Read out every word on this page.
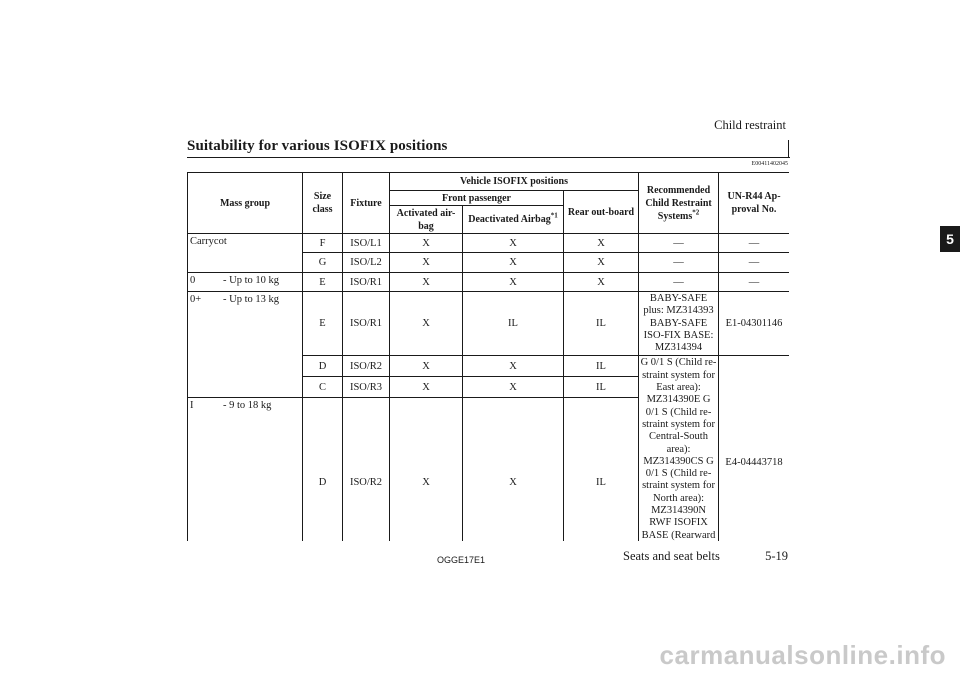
Child restraint
5
Suitability for various ISOFIX positions
E00411402045
Mass group	Size class	Fixture	Vehicle ISOFIX positions			Recommended Child Restraint Systems$^{*2}$	UN-R44 Ap-proval No.
			Front passenger		Rear out-board		
			Activated air-bag	Deactivated Airbag$^{*1}$
Carrycot	F	ISO/L1	X	X	X	—	—
	G	ISO/L2	X	X	X	—	—
0 - Up to 10 kg	E	ISO/R1	X	X	X	—	—
0+ - Up to 13 kg	E	ISO/R1	X	IL	IL	BABY-SAFE plus: MZ314393 BABY-SAFE ISO-FIX BASE: MZ314394	E1-04301146
	D	ISO/R2	X	X	IL	G 0/1 S (Child re-straint system for East area): MZ314390E G 0/1 S (Child re-straint system for Central-South area): MZ314390CS G 0/1 S (Child re-straint system for North area): MZ314390N RWF ISOFIX BASE (Rearward	E4-04443718
	C	ISO/R3	X	X	IL		
I - 9 to 18 kg	D	ISO/R2	X	X	IL		
OGGE17E1	Seats and seat belts	5-19
carmanualsonline.info
